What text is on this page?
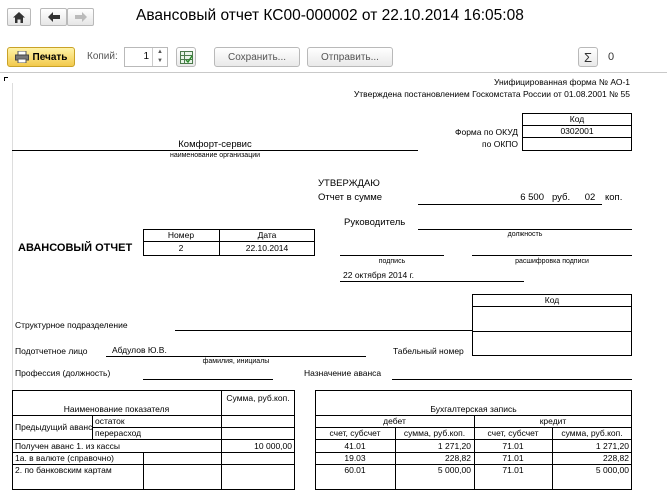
Авансовый отчет КС00-000002 от 22.10.2014 16:05:08
Печать Копий:	1	▲
▼	Сохранить...	Отправить...	Σ 0
Унифицированная форма № АО-1
Утверждена постановлением Госкомстата России от 01.08.2001 № 55
Код
0302001
Форма по ОКУД
по ОКПО
Комфорт-сервис
наименование организации
УТВЕРЖДАЮ
Отчет в сумме	6 500 руб.	02	коп.
Руководитель
должность
подпись	расшифровка подписи
22 октября 2014 г.
АВАНСОВЫЙ ОТЧЕТ
Номер	Дата
2	22.10.2014
Код
Структурное подразделение
Подотчетное лицо	Абдулов Ю.В.
фамилия, инициалы
Табельный номер
Профессия (должность)	Назначение аванса
Наименование показателя
Сумма, руб.коп.
Предыдущий аванс
остаток
перерасход
Получен аванс 1. из кассы	10 000,00
1а. в валюте (справочно)
2. по банковским картам
Бухгалтерская запись
дебет	кредит
счет, субсчет	сумма, руб.коп.	счет, субсчет	сумма, руб.коп.
41.01	1 271,20	71.01	1 271,20
19.03	228,82	71.01	228,82
60.01	5 000,00	71.01	5 000,00
